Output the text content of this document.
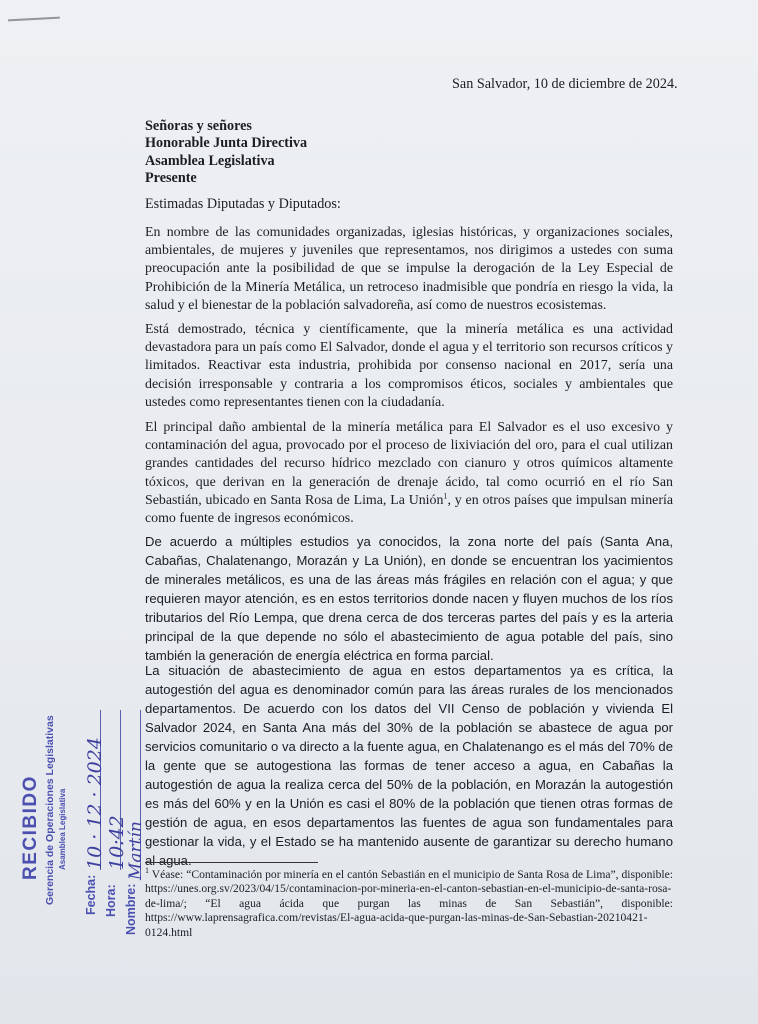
San Salvador, 10 de diciembre de 2024.
Señoras y señores
Honorable Junta Directiva
Asamblea Legislativa
Presente
Estimadas Diputadas y Diputados:

En nombre de las comunidades organizadas, iglesias históricas, y organizaciones sociales, ambientales, de mujeres y juveniles que representamos, nos dirigimos a ustedes con suma preocupación ante la posibilidad de que se impulse la derogación de la Ley Especial de Prohibición de la Minería Metálica, un retroceso inadmisible que pondría en riesgo la vida, la salud y el bienestar de la población salvadoreña, así como de nuestros ecosistemas.

Está demostrado, técnica y científicamente, que la minería metálica es una actividad devastadora para un país como El Salvador, donde el agua y el territorio son recursos críticos y limitados. Reactivar esta industria, prohibida por consenso nacional en 2017, sería una decisión irresponsable y contraria a los compromisos éticos, sociales y ambientales que ustedes como representantes tienen con la ciudadanía.

El principal daño ambiental de la minería metálica para El Salvador es el uso excesivo y contaminación del agua, provocado por el proceso de lixiviación del oro, para el cual utilizan grandes cantidades del recurso hídrico mezclado con cianuro y otros químicos altamente tóxicos, que derivan en la generación de drenaje ácido, tal como ocurrió en el río San Sebastián, ubicado en Santa Rosa de Lima, La Unión$^1$, y en otros países que impulsan minería como fuente de ingresos económicos.

De acuerdo a múltiples estudios ya conocidos, la zona norte del país (Santa Ana, Cabañas, Chalatenango, Morazán y La Unión), en donde se encuentran los yacimientos de minerales metálicos, es una de las áreas más frágiles en relación con el agua; y que requieren mayor atención, es en estos territorios donde nacen y fluyen muchos de los ríos tributarios del Río Lempa, que drena cerca de dos terceras partes del país y es la arteria principal de la que depende no sólo el abastecimiento de agua potable del país, sino también la generación de energía eléctrica en forma parcial.

La situación de abastecimiento de agua en estos departamentos ya es crítica, la autogestión del agua es denominador común para las áreas rurales de los mencionados departamentos. De acuerdo con los datos del VII Censo de población y vivienda El Salvador 2024, en Santa Ana más del 30% de la población se abastece de agua por servicios comunitario o va directo a la fuente agua, en Chalatenango es el más del 70% de la gente que se autogestiona las formas de tener acceso a agua, en Cabañas la autogestión de agua la realiza cerca del 50% de la población, en Morazán la autogestión es más del 60% y en la Unión es casi el 80% de la población que tienen otras formas de gestión de agua, en esos departamentos las fuentes de agua son fundamentales para gestionar la vida, y el Estado se ha mantenido ausente de garantizar su derecho humano al agua.

$^1$ Véase: “Contaminación por minería en el cantón Sebastián en el municipio de Santa Rosa de Lima”, disponible: https://unes.org.sv/2023/04/15/contaminacion-por-mineria-en-el-canton-sebastian-en-el-municipio-de-santa-rosa-de-lima/; “El agua ácida que purgan las minas de San Sebastián”, disponible: https://www.laprensagrafica.com/revistas/El-agua-acida-que-purgan-las-minas-de-San-Sebastian-20210421-0124.html

RECIBIDO Gerencia de Operaciones Legislativas Asamblea Legislativa
Fecha: Hora: Nombre:
10 · 12 · 2024 10:42
Martín
